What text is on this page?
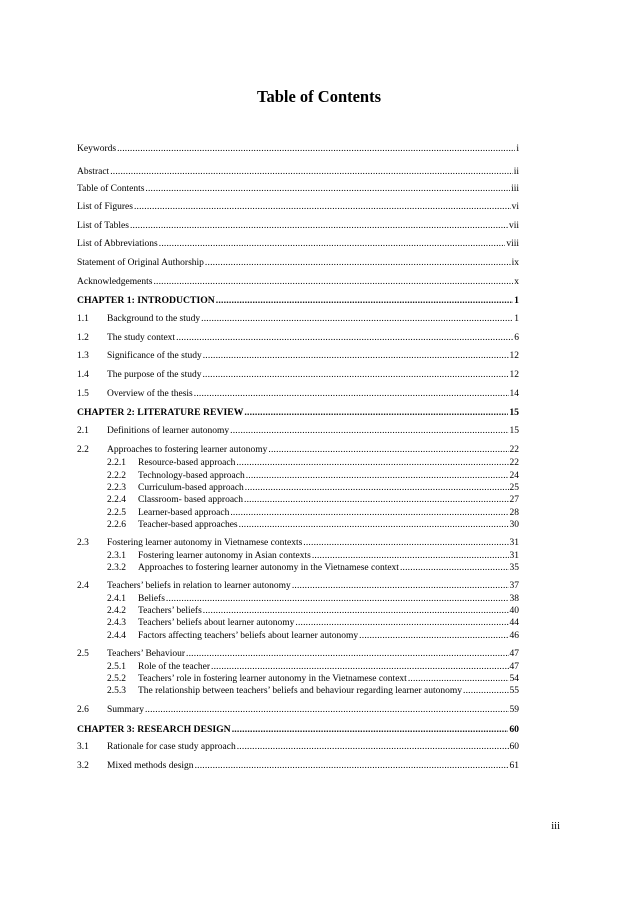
Table of Contents
Keywords .....	i
Abstract .....	ii
Table of Contents .....	iii
List of Figures .....	vi
List of Tables .....	vii
List of Abbreviations .....	viii
Statement of Original Authorship .....	ix
Acknowledgements .....	x
CHAPTER 1: INTRODUCTION .....	1
1.1	Background to the study .....	1
1.2	The study context .....	6
1.3	Significance of the study .....	12
1.4	The purpose of the study .....	12
1.5	Overview of the thesis .....	14
CHAPTER 2: LITERATURE REVIEW .....	15
2.1	Definitions of learner autonomy .....	15
2.2	Approaches to fostering learner autonomy .....	22
2.2.1	Resource-based approach .....	22
2.2.2	Technology-based approach .....	24
2.2.3	Curriculum-based approach .....	25
2.2.4	Classroom- based approach .....	27
2.2.5	Learner-based approach .....	28
2.2.6	Teacher-based approaches .....	30
2.3	Fostering learner autonomy in Vietnamese contexts .....	31
2.3.1	Fostering learner autonomy in Asian contexts .....	31
2.3.2	Approaches to fostering learner autonomy in the Vietnamese context .....	35
2.4	Teachers’ beliefs in relation to learner autonomy .....	37
2.4.1	Beliefs .....	38
2.4.2	Teachers’ beliefs .....	40
2.4.3	Teachers’ beliefs about learner autonomy .....	44
2.4.4	Factors affecting teachers’ beliefs about learner autonomy .....	46
2.5	Teachers’ Behaviour .....	47
2.5.1	Role of the teacher .....	47
2.5.2	Teachers’ role in fostering learner autonomy in the Vietnamese context .....	54
2.5.3	The relationship between teachers’ beliefs and behaviour regarding learner autonomy .....	55
2.6	Summary .....	59
CHAPTER 3: RESEARCH DESIGN .....	60
3.1	Rationale for case study approach .....	60
3.2	Mixed methods design .....	61
iii
